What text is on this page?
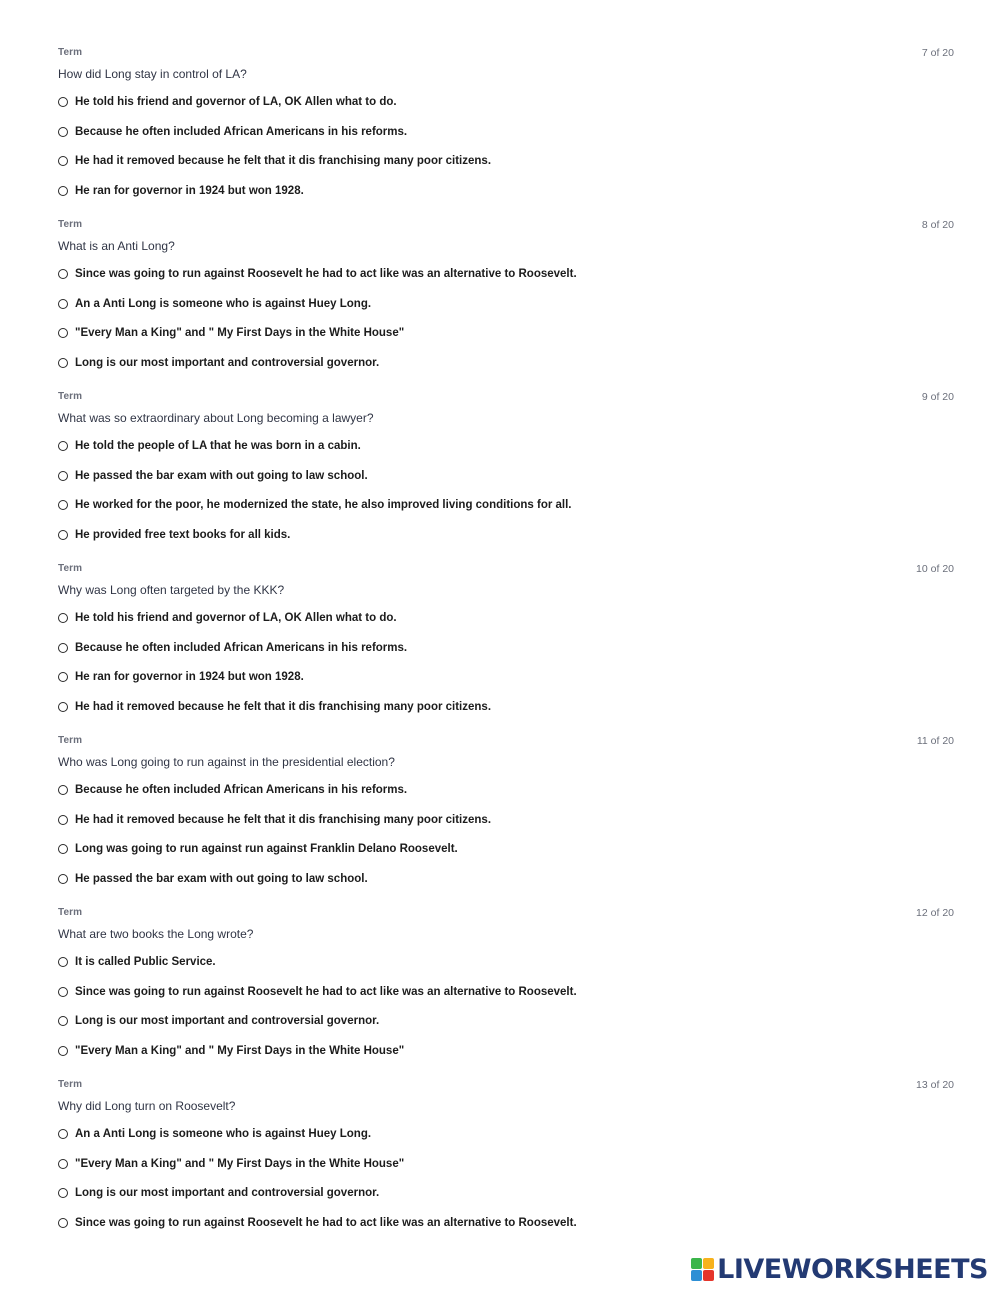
Term	7 of 20
How did Long stay in control of LA?
He told his friend and governor of LA, OK Allen what to do.
Because he often included African Americans in his reforms.
He had it removed because he felt that it dis franchising many poor citizens.
He ran for governor in 1924 but won 1928.
Term	8 of 20
What is an Anti Long?
Since was going to run against Roosevelt he had to act like was an alternative to Roosevelt.
An a Anti Long is someone who is against Huey Long.
"Every Man a King" and " My First Days in the White House"
Long is our most important and controversial governor.
Term	9 of 20
What was so extraordinary about Long becoming a lawyer?
He told the people of LA that he was born in a cabin.
He passed the bar exam with out going to law school.
He worked for the poor, he modernized the state, he also improved living conditions for all.
He provided free text books for all kids.
Term	10 of 20
Why was Long often targeted by the KKK?
He told his friend and governor of LA, OK Allen what to do.
Because he often included African Americans in his reforms.
He ran for governor in 1924 but won 1928.
He had it removed because he felt that it dis franchising many poor citizens.
Term	11 of 20
Who was Long going to run against in the presidential election?
Because he often included African Americans in his reforms.
He had it removed because he felt that it dis franchising many poor citizens.
Long was going to run against run against Franklin Delano Roosevelt.
He passed the bar exam with out going to law school.
Term	12 of 20
What are two books the Long wrote?
It is called Public Service.
Since was going to run against Roosevelt he had to act like was an alternative to Roosevelt.
Long is our most important and controversial governor.
"Every Man a King" and " My First Days in the White House"
Term	13 of 20
Why did Long turn on Roosevelt?
An a Anti Long is someone who is against Huey Long.
"Every Man a King" and " My First Days in the White House"
Long is our most important and controversial governor.
Since was going to run against Roosevelt he had to act like was an alternative to Roosevelt.
LIVEWORKSHEETS
